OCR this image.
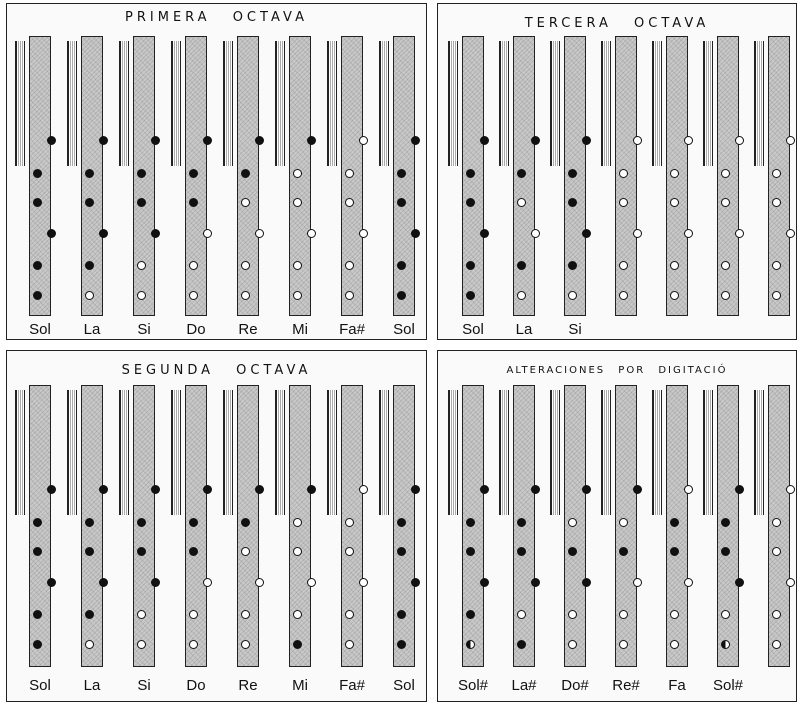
PRIMERA OCTAVA
Sol	La	Si	Do	Re	Mi	Fa#	Sol
TERCERA OCTAVA
Sol	La	Si
SEGUNDA OCTAVA
Sol	La	Si	Do	Re	Mi	Fa#	Sol
ALTERACIONES POR DIGITACIÓ
Sol#	La#	Do#	Re#	Fa	Sol#
